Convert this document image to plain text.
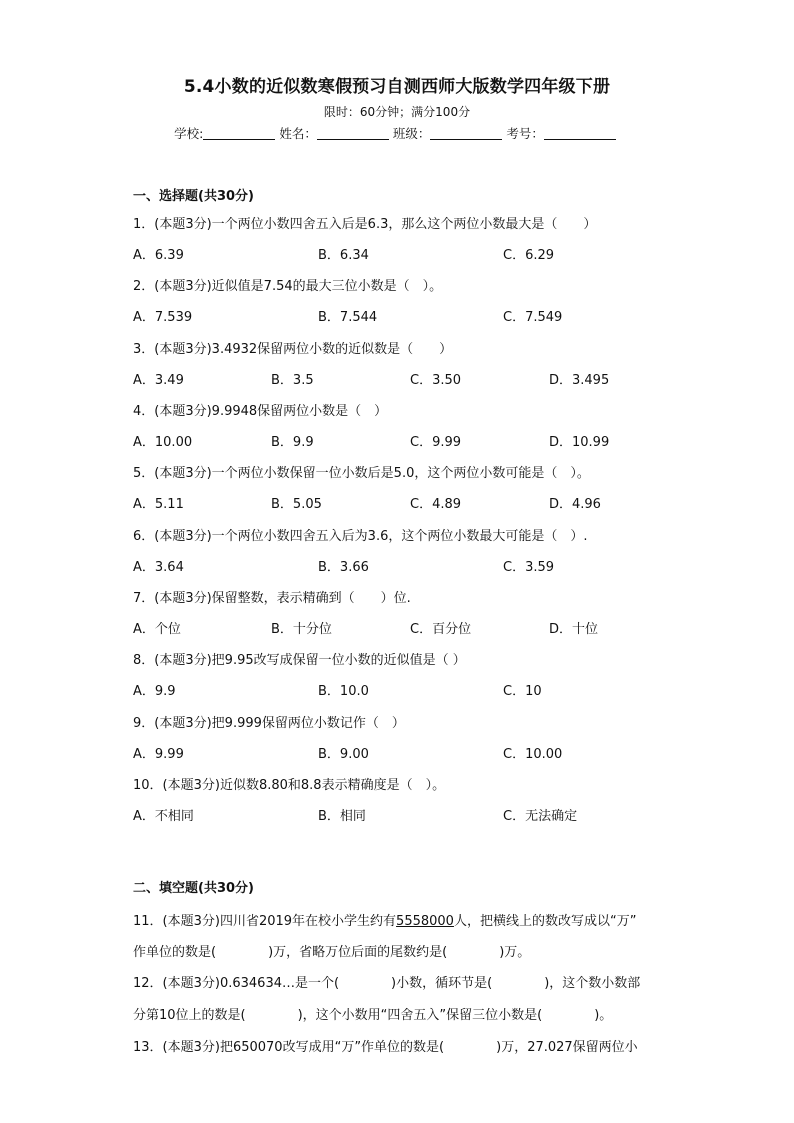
5.4小数的近似数寒假预习自测西师大版数学四年级下册
限时：60分钟；满分100分
学校:	姓名：	班级：	考号：
一、选择题(共30分)
1．(本题3分)一个两位小数四舍五入后是6.3，那么这个两位小数最大是（　　）
A．6.39	B．6.34	C．6.29
2．(本题3分)近似值是7.54的最大三位小数是（　）。
A．7.539	B．7.544	C．7.549
3．(本题3分)3.4932保留两位小数的近似数是（　　）
A．3.49	B．3.5	C．3.50	D．3.495
4．(本题3分)9.9948保留两位小数是（　）
A．10.00	B．9.9	C．9.99	D．10.99
5．(本题3分)一个两位小数保留一位小数后是5.0，这个两位小数可能是（　）。
A．5.11	B．5.05	C．4.89	D．4.96
6．(本题3分)一个两位小数四舍五入后为3.6，这个两位小数最大可能是（　）.
A．3.64	B．3.66	C．3.59
7．(本题3分)保留整数，表示精确到（　　）位.
A．个位	B．十分位	C．百分位	D．十位
8．(本题3分)把9.95改写成保留一位小数的近似值是（ ）
A．9.9	B．10.0	C．10
9．(本题3分)把9.999保留两位小数记作（　）
A．9.99	B．9.00	C．10.00
10．(本题3分)近似数8.80和8.8表示精确度是（　）。
A．不相同	B．相同	C．无法确定
二、填空题(共30分)
11．(本题3分)四川省2019年在校小学生约有5558000人，把横线上的数改写成以“万”
作单位的数是(　　　　)万，省略万位后面的尾数约是(　　　　)万。
12．(本题3分)0.634634…是一个(　　　　)小数，循环节是(　　　　)，这个数小数部
分第10位上的数是(　　　　)，这个小数用“四舍五入”保留三位小数是(　　　　)。
13．(本题3分)把650070改写成用“万”作单位的数是(　　　　)万，27.027保留两位小
